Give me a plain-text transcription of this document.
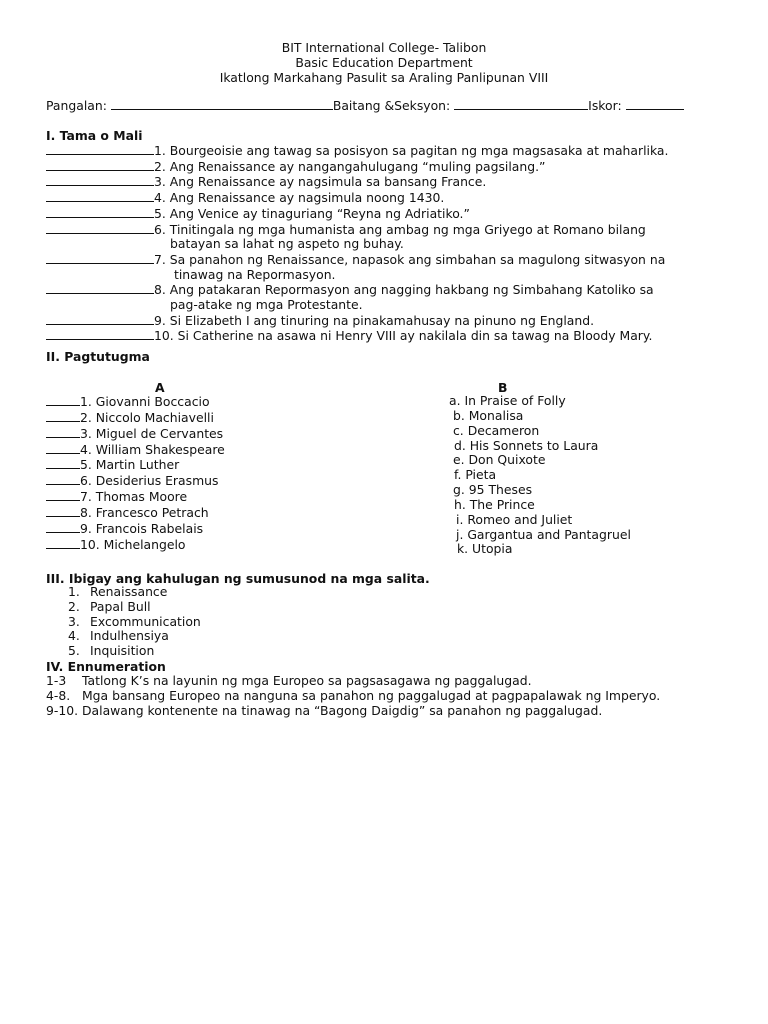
BIT International College- Talibon
Basic Education Department
Ikatlong Markahang Pasulit sa Araling Panlipunan VIII
Pangalan:	Baitang &Seksyon:	Iskor:
I. Tama o Mali
1. Bourgeoisie ang tawag sa posisyon sa pagitan ng mga magsasaka at maharlika.
2. Ang Renaissance ay nangangahulugang “muling pagsilang.”
3. Ang Renaissance ay nagsimula sa bansang France.
4. Ang Renaissance ay nagsimula noong 1430.
5. Ang Venice ay tinaguriang “Reyna ng Adriatiko.”
6. Tinitingala ng mga humanista ang ambag ng mga Griyego at Romano bilang
batayan sa lahat ng aspeto ng buhay.
7. Sa panahon ng Renaissance, napasok ang simbahan sa magulong sitwasyon na
tinawag na Repormasyon.
8. Ang patakaran Repormasyon ang nagging hakbang ng Simbahang Katoliko sa
pag-atake ng mga Protestante.
9. Si Elizabeth I ang tinuring na pinakamahusay na pinuno ng England.
10. Si Catherine na asawa ni Henry VIII ay nakilala din sa tawag na Bloody Mary.
II. Pagtutugma
A	B
1. Giovanni Boccacio
2. Niccolo Machiavelli
3. Miguel de Cervantes
4. William Shakespeare
5. Martin Luther
6. Desiderius Erasmus
7. Thomas Moore
8. Francesco Petrach
9. Francois Rabelais
10. Michelangelo
a. In Praise of Folly
b. Monalisa
c. Decameron
d. His Sonnets to Laura
e. Don Quixote
f. Pieta
g. 95 Theses
h. The Prince
i. Romeo and Juliet
j. Gargantua and Pantagruel
k. Utopia
III. Ibigay ang kahulugan ng sumusunod na mga salita.
1. Renaissance
2. Papal Bull
3. Excommunication
4. Indulhensiya
5. Inquisition
IV. Ennumeration
1-3    Tatlong K’s na layunin ng mga Europeo sa pagsasagawa ng paggalugad.
4-8.   Mga bansang Europeo na nanguna sa panahon ng paggalugad at pagpapalawak ng Imperyo.
9-10. Dalawang kontenente na tinawag na “Bagong Daigdig” sa panahon ng paggalugad.
